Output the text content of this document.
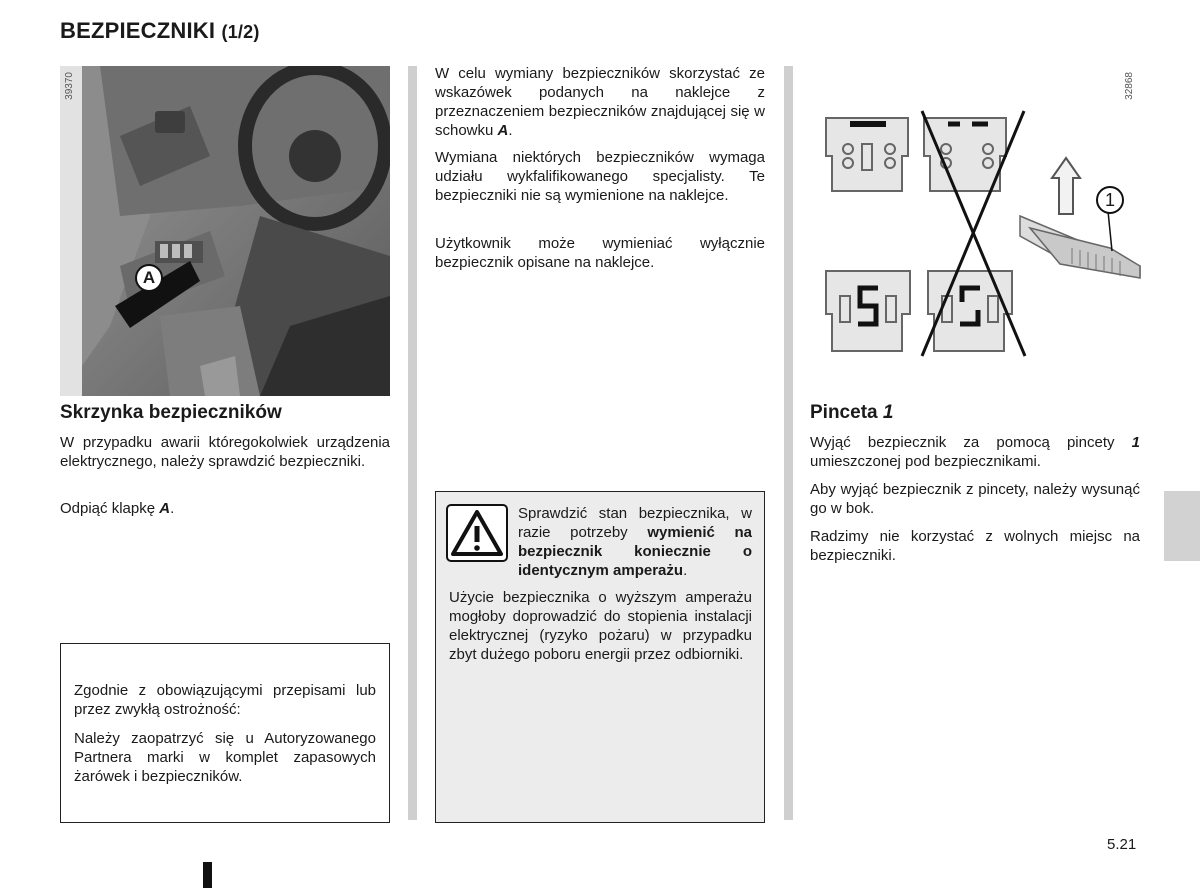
BEZPIECZNIKI (1/2)
39370
A
Skrzynka bezpieczników

W przypadku awarii któregokolwiek urządzenia elektrycznego, należy sprawdzić bezpieczniki.

Odpiąć klapkę A.

Zgodnie z obowiązującymi przepisami lub przez zwykłą ostrożność:

Należy zaopatrzyć się u Autoryzowanego Partnera marki w komplet zapasowych żarówek i bezpieczników.

W celu wymiany bezpieczników skorzystać ze wskazówek podanych na naklejce z przeznaczeniem bezpieczników znajdującej się w schowku A.

Wymiana niektórych bezpieczników wymaga udziału wykfalifikowanego specjalisty. Te bezpieczniki nie są wymienione na naklejce.

Użytkownik może wymieniać wyłącznie bezpiecznik opisane na naklejce.

Sprawdzić stan bezpiecznika, w razie potrzeby wymienić na bezpiecznik koniecznie o identycznym amperażu.

Użycie bezpiecznika o wyższym amperażu mogłoby doprowadzić do stopienia instalacji elektrycznej (ryzyko pożaru) w przypadku zbyt dużego poboru energii przez odbiorniki.

32868
1
Pinceta 1

Wyjąć bezpiecznik za pomocą pincety 1 umieszczonej pod bezpiecznikami.

Aby wyjąć bezpiecznik z pincety, należy wysunąć go w bok.

Radzimy nie korzystać z wolnych miejsc na bezpieczniki.

5.21
